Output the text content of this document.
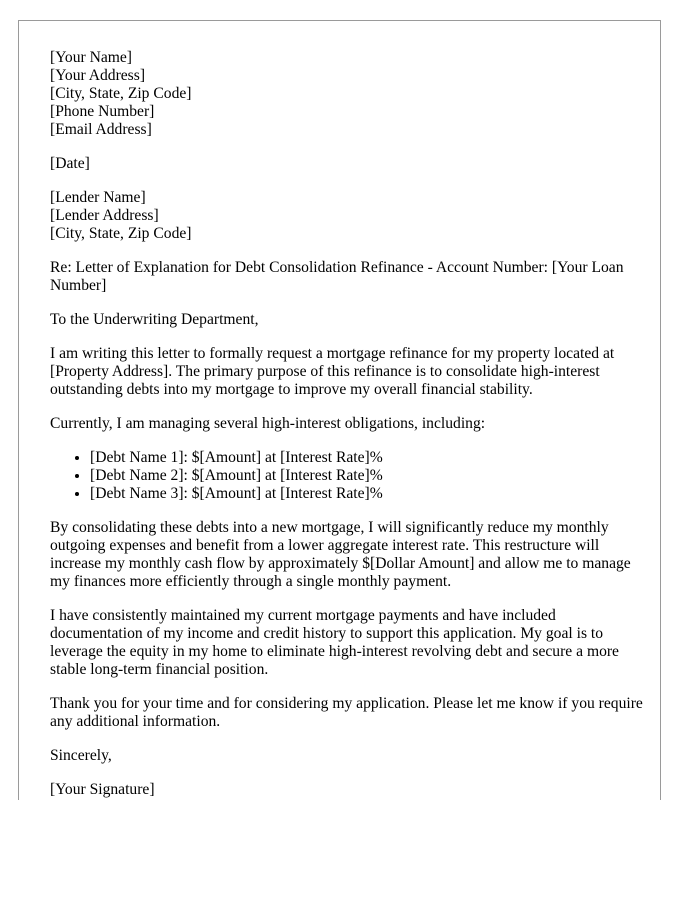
[Your Name]
[Your Address]
[City, State, Zip Code]
[Phone Number]
[Email Address]

[Date]

[Lender Name]
[Lender Address]
[City, State, Zip Code]

Re: Letter of Explanation for Debt Consolidation Refinance - Account Number: [Your Loan Number]

To the Underwriting Department,

I am writing this letter to formally request a mortgage refinance for my property located at [Property Address]. The primary purpose of this refinance is to consolidate high-interest outstanding debts into my mortgage to improve my overall financial stability.

Currently, I am managing several high-interest obligations, including:

• [Debt Name 1]: $[Amount] at [Interest Rate]%
• [Debt Name 2]: $[Amount] at [Interest Rate]%
• [Debt Name 3]: $[Amount] at [Interest Rate]%

By consolidating these debts into a new mortgage, I will significantly reduce my monthly outgoing expenses and benefit from a lower aggregate interest rate. This restructure will increase my monthly cash flow by approximately $[Dollar Amount] and allow me to manage my finances more efficiently through a single monthly payment.

I have consistently maintained my current mortgage payments and have included documentation of my income and credit history to support this application. My goal is to leverage the equity in my home to eliminate high-interest revolving debt and secure a more stable long-term financial position.

Thank you for your time and for considering my application. Please let me know if you require any additional information.

Sincerely,

[Your Signature]
